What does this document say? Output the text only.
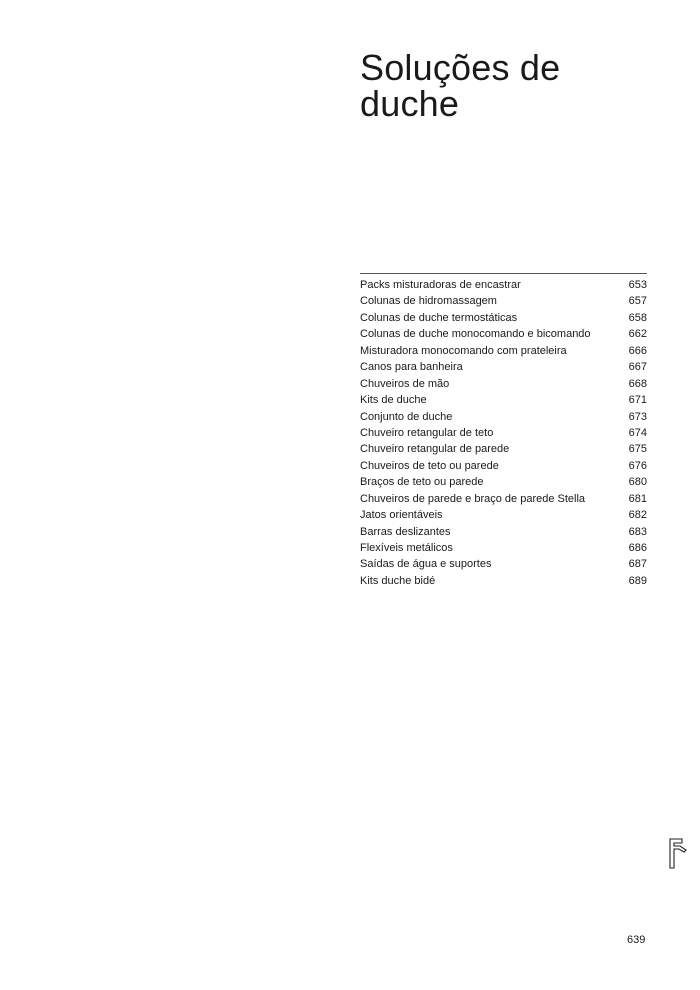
Soluções de
duche
Packs misturadoras de encastrar	653
Colunas de hidromassagem	657
Colunas de duche termostáticas	658
Colunas de duche monocomando e bicomando	662
Misturadora monocomando com prateleira	666
Canos para banheira	667
Chuveiros de mão	668
Kits de duche	671
Conjunto de duche	673
Chuveiro retangular de teto	674
Chuveiro retangular de parede	675
Chuveiros de teto ou parede	676
Braços de teto ou parede	680
Chuveiros de parede e braço de parede Stella	681
Jatos orientáveis	682
Barras deslizantes	683
Flexíveis metálicos	686
Saídas de água e suportes	687
Kits duche bidé	689
639
